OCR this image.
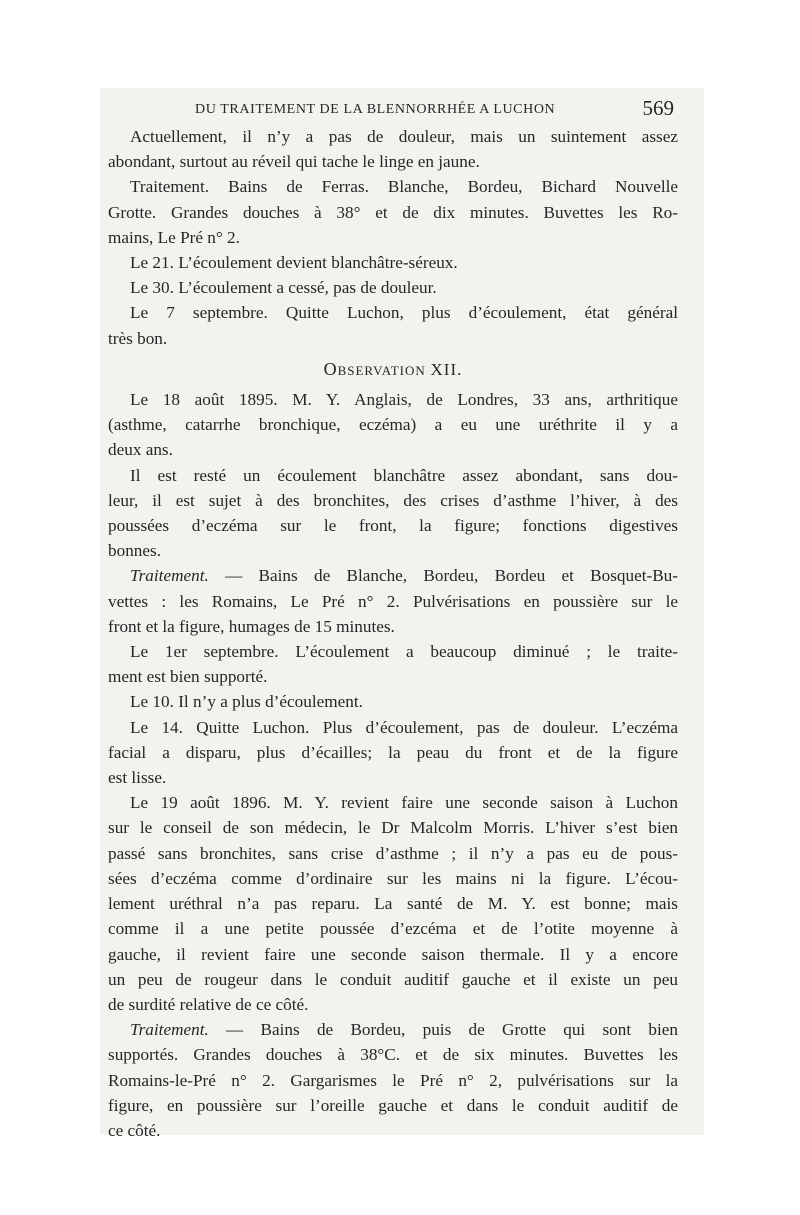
DU TRAITEMENT DE LA BLENNORRHÉE A LUCHON	569
Actuellement, il n’y a pas de douleur, mais un suintement assez
abondant, surtout au réveil qui tache le linge en jaune.
Traitement. Bains de Ferras. Blanche, Bordeu, Bichard Nouvelle
Grotte. Grandes douches à 38° et de dix minutes. Buvettes les Ro-
mains, Le Pré n° 2.
Le 21. L’écoulement devient blanchâtre-séreux.
Le 30. L’écoulement a cessé, pas de douleur.
Le 7 septembre. Quitte Luchon, plus d’écoulement, état général
très bon.
OBSERVATION XII.
Le 18 août 1895. M. Y. Anglais, de Londres, 33 ans, arthritique
(asthme, catarrhe bronchique, eczéma) a eu une uréthrite il y a
deux ans.
Il est resté un écoulement blanchâtre assez abondant, sans dou-
leur, il est sujet à des bronchites, des crises d’asthme l’hiver, à des
poussées d’eczéma sur le front, la figure; fonctions digestives
bonnes.
Traitement. — Bains de Blanche, Bordeu, Bordeu et Bosquet-Bu-
vettes : les Romains, Le Pré n° 2. Pulvérisations en poussière sur le
front et la figure, humages de 15 minutes.
Le 1er septembre. L’écoulement a beaucoup diminué ; le traite-
ment est bien supporté.
Le 10. Il n’y a plus d’écoulement.
Le 14. Quitte Luchon. Plus d’écoulement, pas de douleur. L’eczéma
facial a disparu, plus d’écailles; la peau du front et de la figure
est lisse.
Le 19 août 1896. M. Y. revient faire une seconde saison à Luchon
sur le conseil de son médecin, le Dr Malcolm Morris. L’hiver s’est bien
passé sans bronchites, sans crise d’asthme ; il n’y a pas eu de pous-
sées d’eczéma comme d’ordinaire sur les mains ni la figure. L’écou-
lement uréthral n’a pas reparu. La santé de M. Y. est bonne; mais
comme il a une petite poussée d’ezcéma et de l’otite moyenne à
gauche, il revient faire une seconde saison thermale. Il y a encore
un peu de rougeur dans le conduit auditif gauche et il existe un peu
de surdité relative de ce côté.
Traitement. — Bains de Bordeu, puis de Grotte qui sont bien
supportés. Grandes douches à 38°C. et de six minutes. Buvettes les
Romains-le-Pré n° 2. Gargarismes le Pré n° 2, pulvérisations sur la
figure, en poussière sur l’oreille gauche et dans le conduit auditif de
ce côté.
